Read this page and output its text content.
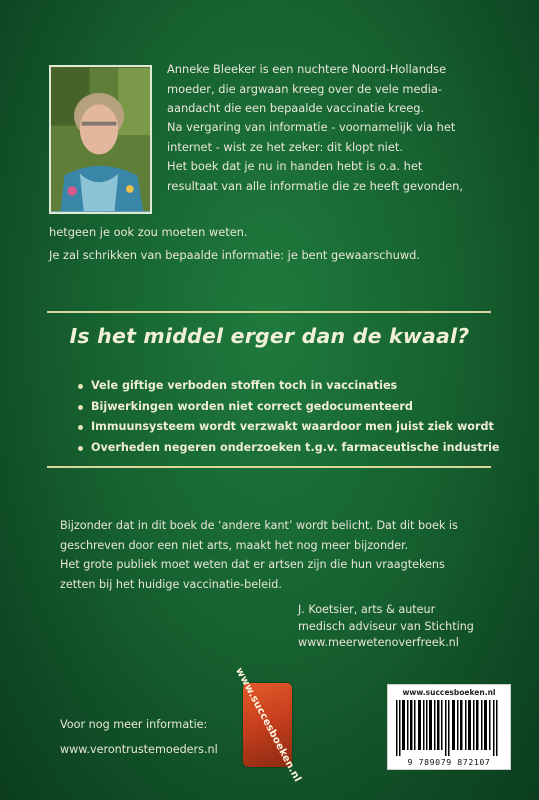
Anneke Bleeker is een nuchtere Noord-Hollandse
moeder, die argwaan kreeg over de vele media-
aandacht die een bepaalde vaccinatie kreeg.
Na vergaring van informatie - voornamelijk via het
internet - wist ze het zeker: dit klopt niet.
Het boek dat je nu in handen hebt is o.a. het
resultaat van alle informatie die ze heeft gevonden,
hetgeen je ook zou moeten weten.
Je zal schrikken van bepaalde informatie: je bent gewaarschuwd.
Is het middel erger dan de kwaal?
Vele giftige verboden stoffen toch in vaccinaties
Bijwerkingen worden niet correct gedocumenteerd
Immuunsysteem wordt verzwakt waardoor men juist ziek wordt
Overheden negeren onderzoeken t.g.v. farmaceutische industrie
Bijzonder dat in dit boek de ‘andere kant’ wordt belicht. Dat dit boek is
geschreven door een niet arts, maakt het nog meer bijzonder.
Het grote publiek moet weten dat er artsen zijn die hun vraagtekens
zetten bij het huidige vaccinatie-beleid.
J. Koetsier, arts & auteur
medisch adviseur van Stichting
www.meerwetenoverfreek.nl
Voor nog meer informatie:
www.verontrustemoeders.nl www.succesboeken.nl	www.succesboeken.nl
9 789079 872107
